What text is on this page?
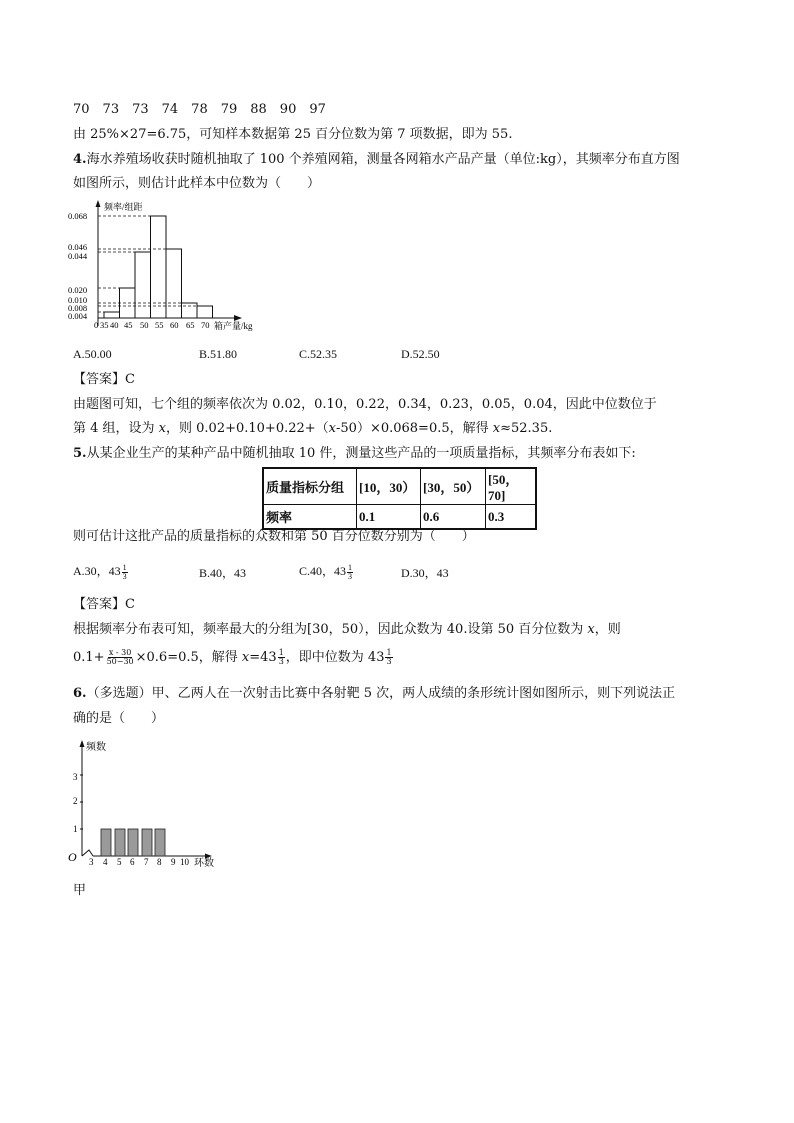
70　73　73　74　78　79　88　90　97
由 25%×27=6.75，可知样本数据第 25 百分位数为第 7 项数据，即为 55.
4.海水养殖场收获时随机抽取了 100 个养殖网箱，测量各网箱水产品产量（单位:kg），其频率分布直方图
如图所示，则估计此样本中位数为（　　）
频率/组距
0.068
0.046
0.044
0.020
0.010
0.008
0.004
0 35 40 45 50 55 60 65 70 箱产量/kg
A.50.00	B.51.80	C.52.35	D.52.50
【答案】C
由题图可知，七个组的频率依次为 0.02，0.10，0.22，0.34，0.23，0.05，0.04，因此中位数位于
第 4 组，设为 x，则 0.02+0.10+0.22+（x-50）×0.068=0.5，解得 x≈52.35.
5.从某企业生产的某种产品中随机抽取 10 件，测量这些产品的一项质量指标，其频率分布表如下:
质量指标分组	[10，30）	[30，50）	[50，70]
频率	0.1	0.6	0.3
则可估计这批产品的质量指标的众数和第 50 百分位数分别为（　　）
A.30，$43 \frac{1}{3}$	B.40，43	C.40，$43 \frac{1}{3}$	D.30，43
【答案】C
根据频率分布表可知，频率最大的分组为[30，50），因此众数为 40.设第 50 百分位数为 x，则
$0.1+ \frac{x - 30}{50-30} \times 0.6=0.5$，解得 $x=43 \frac{1}{3}$ ，即中位数为 $43 \frac{1}{3}$
6.（多选题）甲、乙两人在一次射击比赛中各射靶 5 次，两人成绩的条形统计图如图所示，则下列说法正
确的是（　　）
频数
3
2
1
O 3 4 5 6 7 8 9 10 环数
甲
